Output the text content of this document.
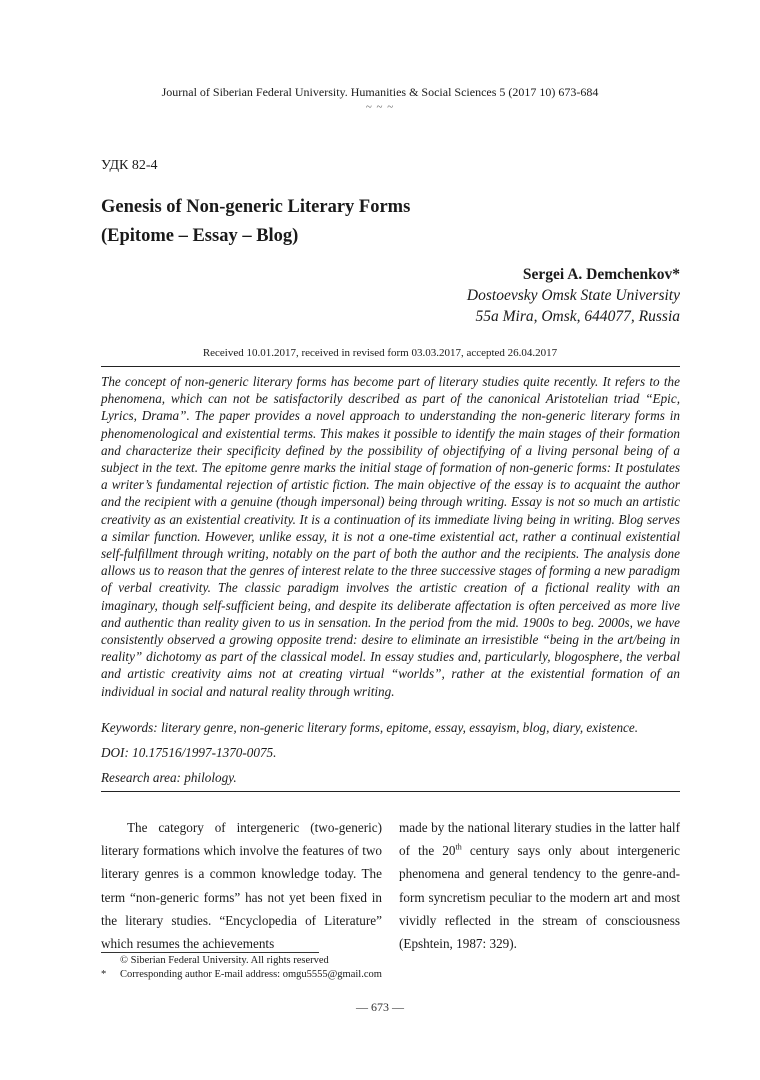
Journal of Siberian Federal University. Humanities & Social Sciences 5 (2017 10) 673-684
~ ~ ~
УДК 82-4
Genesis of Non-generic Literary Forms
(Epitome – Essay – Blog)
Sergei A. Demchenkov*
Dostoevsky Omsk State University
55a Mira, Omsk, 644077, Russia
Received 10.01.2017, received in revised form 03.03.2017, accepted 26.04.2017
The concept of non-generic literary forms has become part of literary studies quite recently. It refers to the phenomena, which can not be satisfactorily described as part of the canonical Aristotelian triad “Epic, Lyrics, Drama”. The paper provides a novel approach to understanding the non-generic literary forms in phenomenological and existential terms. This makes it possible to identify the main stages of their formation and characterize their specificity defined by the possibility of objectifying of a living personal being of a subject in the text. The epitome genre marks the initial stage of formation of non-generic forms: It postulates a writer’s fundamental rejection of artistic fiction. The main objective of the essay is to acquaint the author and the recipient with a genuine (though impersonal) being through writing. Essay is not so much an artistic creativity as an existential creativity. It is a continuation of its immediate living being in writing. Blog serves a similar function. However, unlike essay, it is not a one-time existential act, rather a continual existential self-fulfillment through writing, notably on the part of both the author and the recipients. The analysis done allows us to reason that the genres of interest relate to the three successive stages of forming a new paradigm of verbal creativity. The classic paradigm involves the artistic creation of a fictional reality with an imaginary, though self-sufficient being, and despite its deliberate affectation is often perceived as more live and authentic than reality given to us in sensation. In the period from the mid. 1900s to beg. 2000s, we have consistently observed a growing opposite trend: desire to eliminate an irresistible “being in the art/being in reality” dichotomy as part of the classical model. In essay studies and, particularly, blogosphere, the verbal and artistic creativity aims not at creating virtual “worlds”, rather at the existential formation of an individual in social and natural reality through writing.
Keywords: literary genre, non-generic literary forms, epitome, essay, essayism, blog, diary, existence.
DOI: 10.17516/1997-1370-0075.
Research area: philology.
The category of intergeneric (two-generic) literary formations which involve the features of two literary genres is a common knowledge today. The term “non-generic forms” has not yet been fixed in the literary studies. “Encyclopedia of Literature” which resumes the achievements
made by the national literary studies in the latter half of the 20th century says only about intergeneric phenomena and general tendency to the genre-and-form syncretism peculiar to the modern art and most vividly reflected in the stream of consciousness (Epshtein, 1987: 329).
© Siberian Federal University. All rights reserved
* Corresponding author E-mail address: omgu5555@gmail.com
— 673 —
